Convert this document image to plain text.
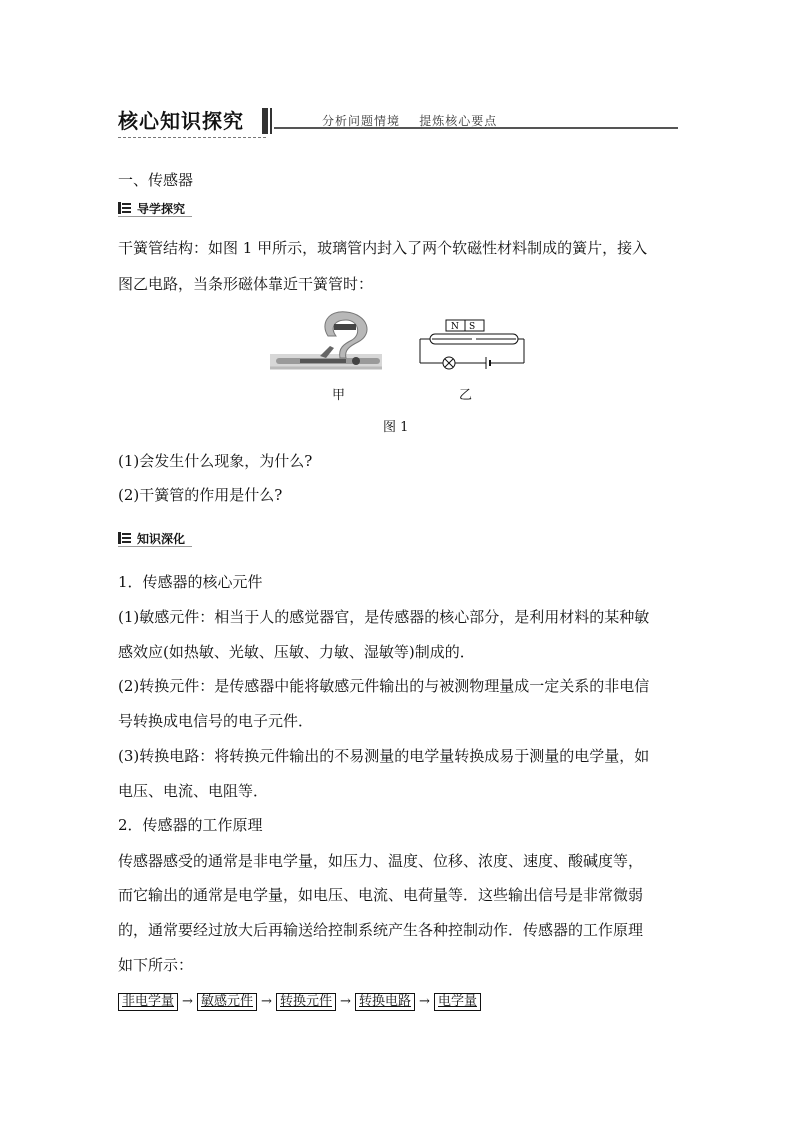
核心知识探究	分析问题情境    提炼核心要点
一、传感器
导学探究
干簧管结构：如图 1 甲所示，玻璃管内封入了两个软磁性材料制成的簧片，接入
图乙电路，当条形磁体靠近干簧管时：
N S
甲	乙
图 1
(1)会发生什么现象，为什么?
(2)干簧管的作用是什么?
知识深化
1．传感器的核心元件
(1)敏感元件：相当于人的感觉器官，是传感器的核心部分，是利用材料的某种敏
感效应(如热敏、光敏、压敏、力敏、湿敏等)制成的．
(2)转换元件：是传感器中能将敏感元件输出的与被测物理量成一定关系的非电信
号转换成电信号的电子元件．
(3)转换电路：将转换元件输出的不易测量的电学量转换成易于测量的电学量，如
电压、电流、电阻等．
2．传感器的工作原理
传感器感受的通常是非电学量，如压力、温度、位移、浓度、速度、酸碱度等，
而它输出的通常是电学量，如电压、电流、电荷量等．这些输出信号是非常微弱
的，通常要经过放大后再输送给控制系统产生各种控制动作．传感器的工作原理
如下所示：
非电学量 → 敏感元件 → 转换元件 → 转换电路 → 电学量
